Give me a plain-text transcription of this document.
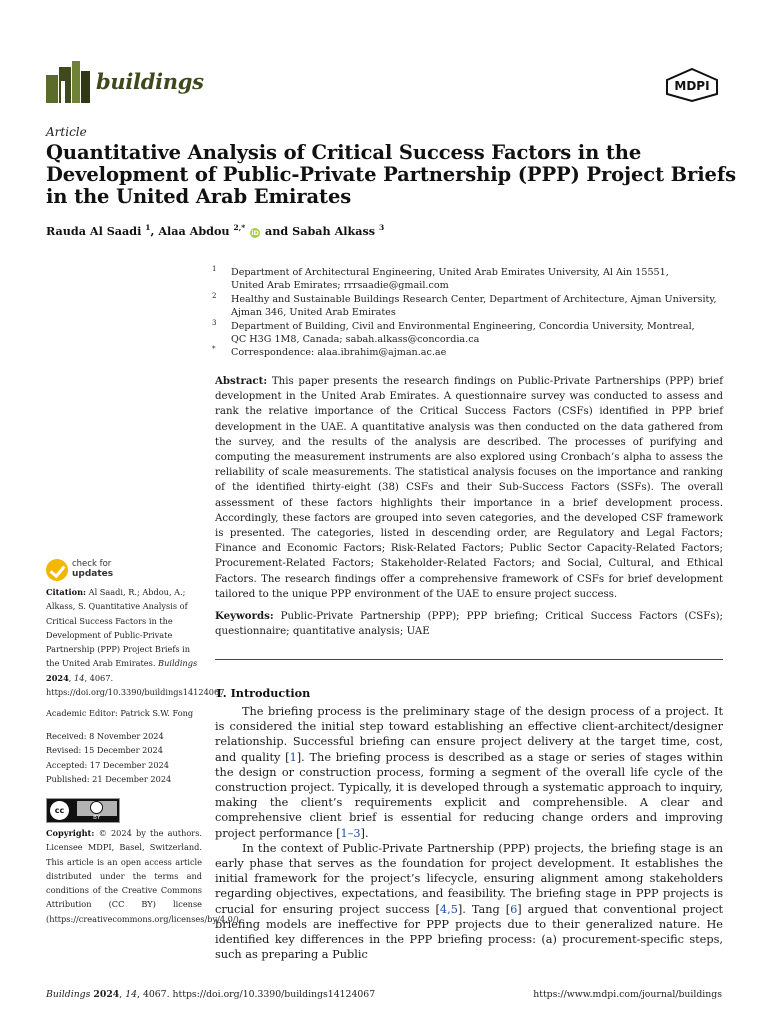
buildings	MDPI
Article
Quantitative Analysis of Critical Success Factors in the Development of Public-Private Partnership (PPP) Project Briefs in the United Arab Emirates
Rauda Al Saadi $^1$, Alaa Abdou $^{2,*}$ iD and Sabah Alkass $^3$
1 Department of Architectural Engineering, United Arab Emirates University, Al Ain 15551,
United Arab Emirates; rrrsaadie@gmail.com
2 Healthy and Sustainable Buildings Research Center, Department of Architecture, Ajman University,
Ajman 346, United Arab Emirates
3 Department of Building, Civil and Environmental Engineering, Concordia University, Montreal,
QC H3G 1M8, Canada; sabah.alkass@concordia.ca
* Correspondence: alaa.ibrahim@ajman.ac.ae

Abstract: This paper presents the research findings on Public-Private Partnerships (PPP) brief development in the United Arab Emirates. A questionnaire survey was conducted to assess and rank the relative importance of the Critical Success Factors (CSFs) identified in PPP brief development in the UAE. A quantitative analysis was then conducted on the data gathered from the survey, and the results of the analysis are described. The processes of purifying and computing the measurement instruments are also explored using Cronbach’s alpha to assess the reliability of scale measurements. The statistical analysis focuses on the importance and ranking of the identified thirty-eight (38) CSFs and their Sub-Success Factors (SSFs). The overall assessment of these factors highlights their importance in a brief development process. Accordingly, these factors are grouped into seven categories, and the developed CSF framework is presented. The categories, listed in descending order, are Regulatory and Legal Factors; Finance and Economic Factors; Risk-Related Factors; Public Sector Capacity-Related Factors; Procurement-Related Factors; Stakeholder-Related Factors; and Social, Cultural, and Ethical Factors. The research findings offer a comprehensive framework of CSFs for brief development tailored to the unique PPP environment of the UAE to ensure project success.

Keywords: Public-Private Partnership (PPP); PPP briefing; Critical Success Factors (CSFs); questionnaire; quantitative analysis; UAE

1. Introduction

The briefing process is the preliminary stage of the design process of a project. It is considered the initial step toward establishing an effective client-architect/designer relationship. Successful briefing can ensure project delivery at the target time, cost, and quality [1]. The briefing process is described as a stage or series of stages within the design or construction process, forming a segment of the overall life cycle of the construction project. Typically, it is developed through a systematic approach to inquiry, making the client’s requirements explicit and comprehensible. A clear and comprehensive client brief is essential for reducing change orders and improving project performance [1–3].

In the context of Public-Private Partnership (PPP) projects, the briefing stage is an early phase that serves as the foundation for project development. It establishes the initial framework for the project’s lifecycle, ensuring alignment among stakeholders regarding objectives, expectations, and feasibility. The briefing stage in PPP projects is crucial for ensuring project success [4,5]. Tang [6] argued that conventional project briefing models are ineffective for PPP projects due to their generalized nature. He identified key differences in the PPP briefing process: (a) procurement-specific steps, such as preparing a Public

check for
updates
Citation: Al Saadi, R.; Abdou, A.; Alkass, S. Quantitative Analysis of Critical Success Factors in the Development of Public-Private Partnership (PPP) Project Briefs in the United Arab Emirates. Buildings 2024, 14, 4067. https://doi.org/10.3390/buildings14124067
Academic Editor: Patrick S.W. Fong
Received: 8 November 2024
Revised: 15 December 2024
Accepted: 17 December 2024
Published: 21 December 2024
cc
BY
Copyright: © 2024 by the authors. Licensee MDPI, Basel, Switzerland. This article is an open access article distributed under the terms and conditions of the Creative Commons Attribution (CC BY) license (https://creativecommons.org/licenses/by/4.0/).
Buildings 2024, 14, 4067. https://doi.org/10.3390/buildings14124067	https://www.mdpi.com/journal/buildings
